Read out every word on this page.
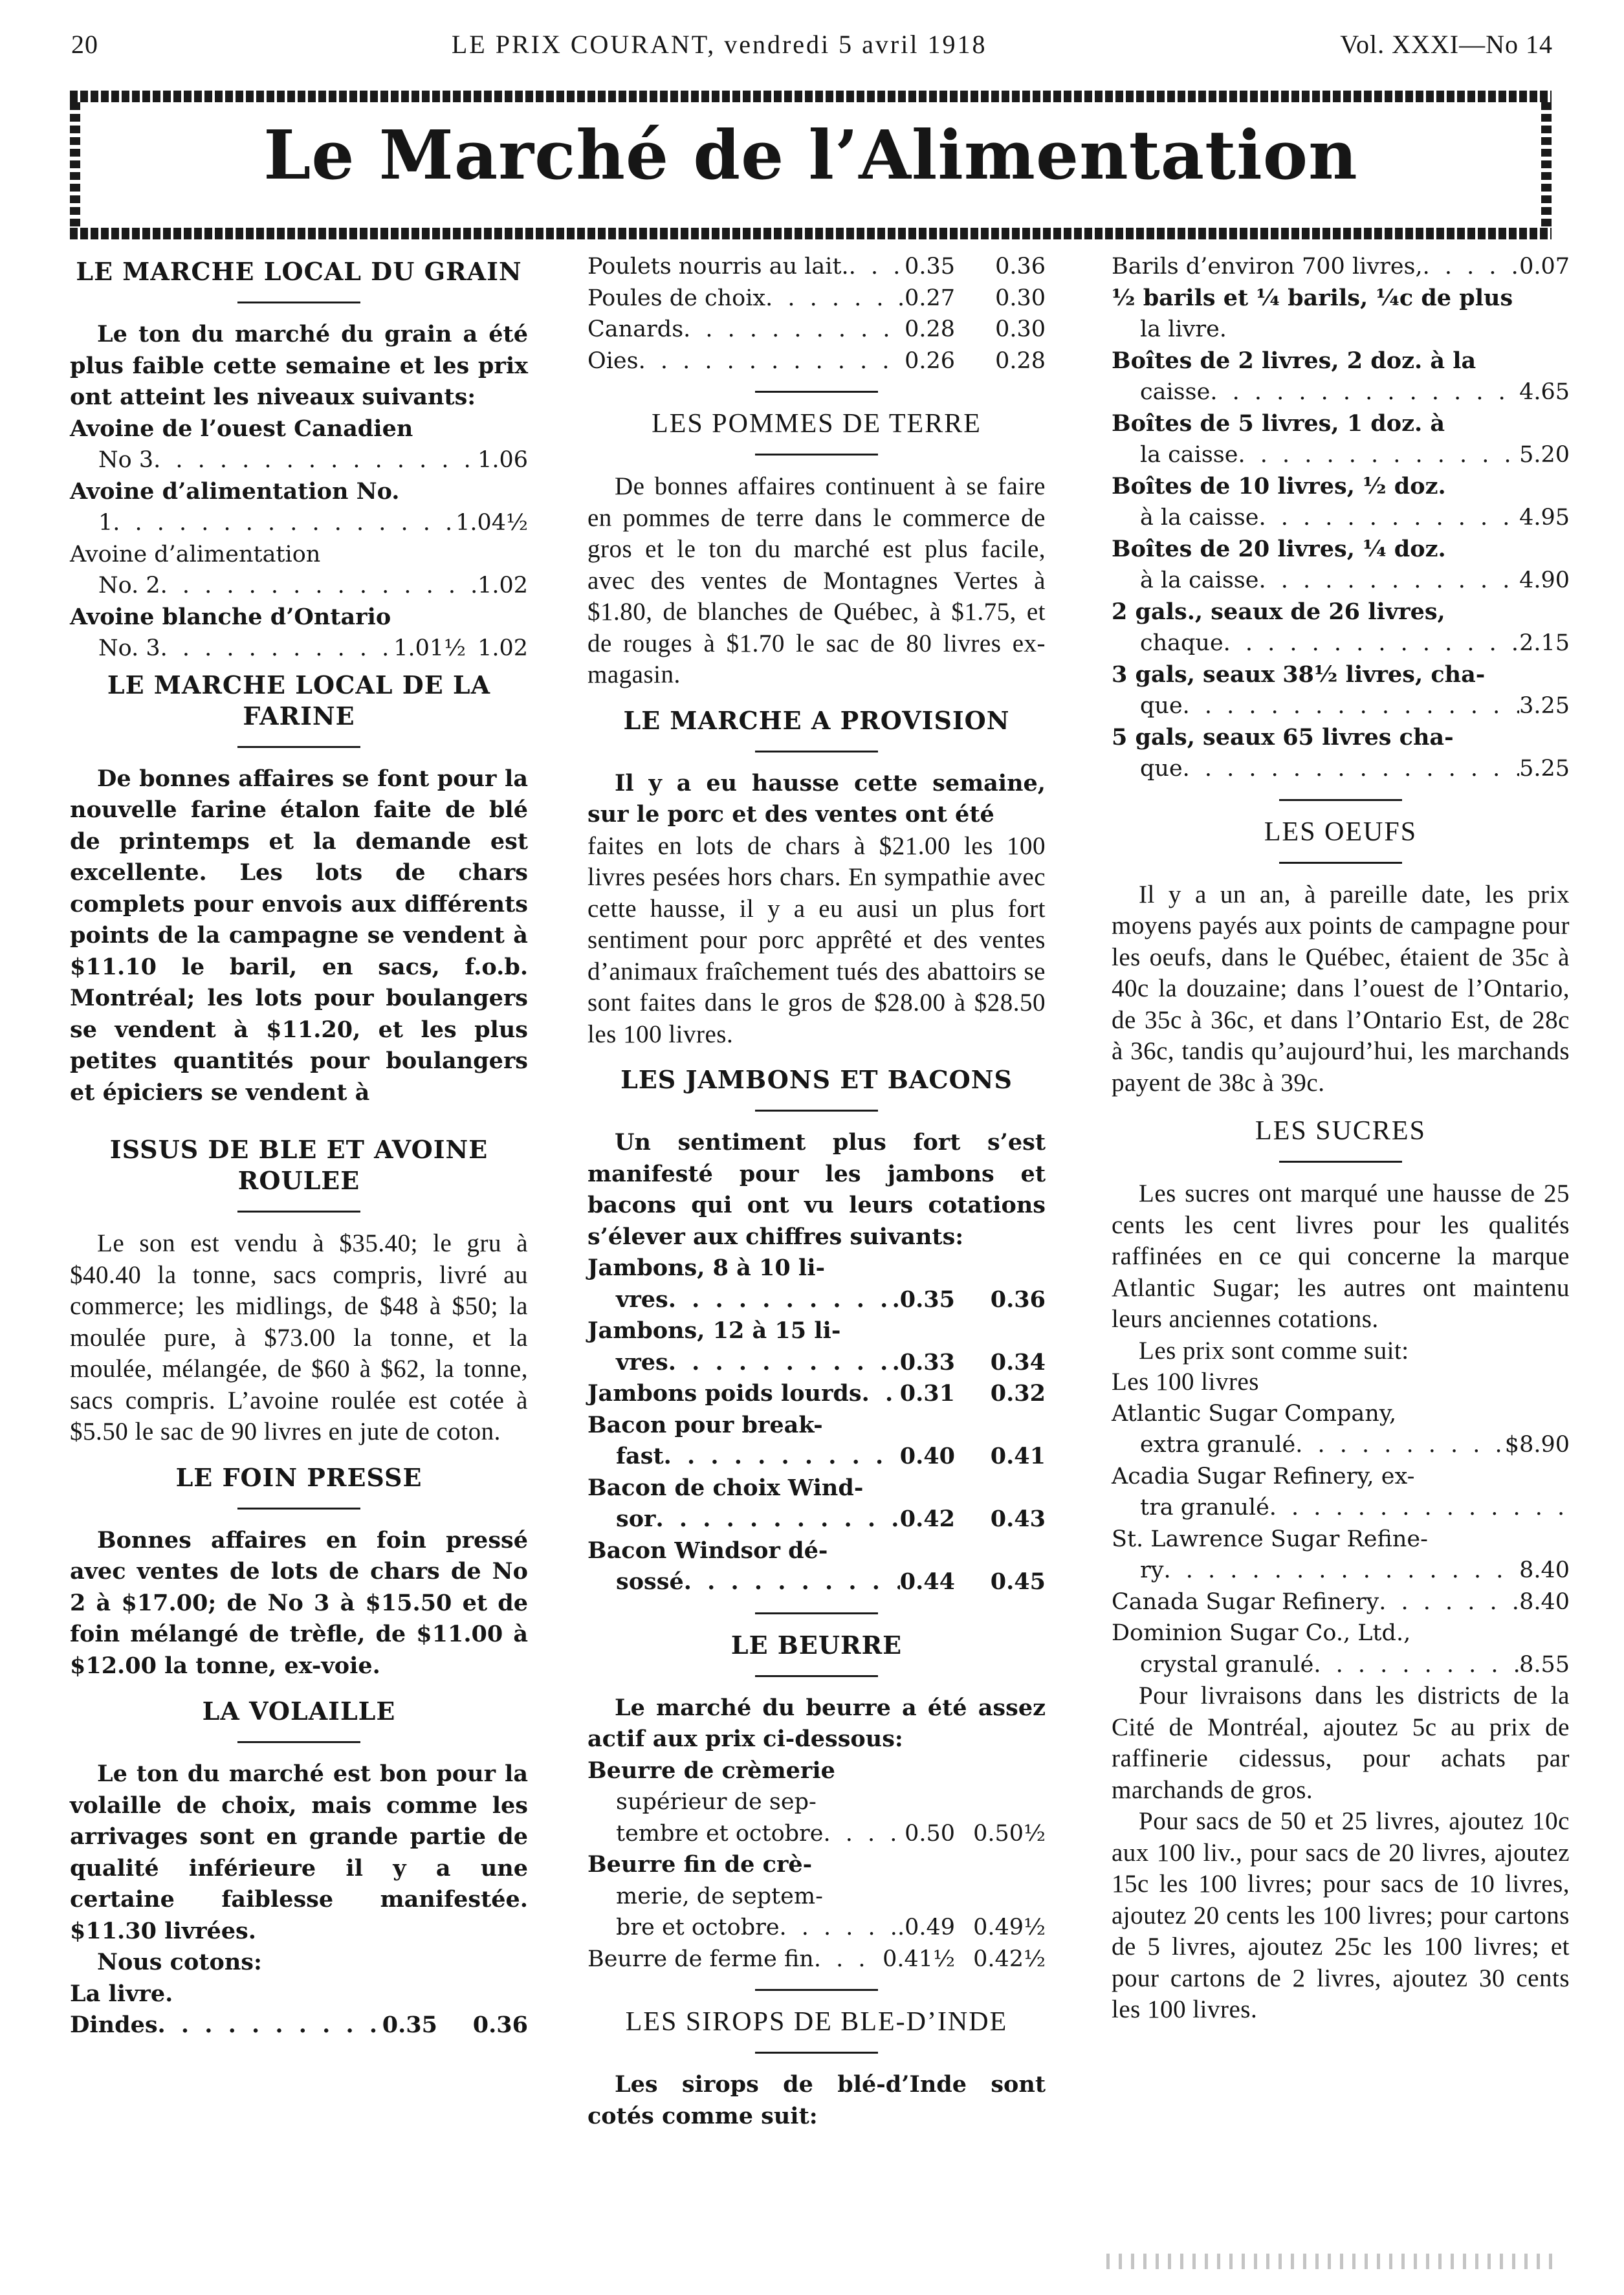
20	LE PRIX COURANT, vendredi 5 avril 1918	Vol. XXXI—No 14
Le Marché de l’Alimentation
LE MARCHE LOCAL DU GRAIN

Le ton du marché du grain a été plus faible cette semaine et les prix ont atteint les niveaux suivants:

Avoine de l’ouest Canadien
No 3 . . .	1.06
Avoine d’alimentation No.
1 . . .	1.04½
Avoine d’alimentation
No. 2 . . .	1.02
Avoine blanche d’Ontario
No. 3 . . .	1.01½ 1.02
LE MARCHE LOCAL DE LA FARINE

De bonnes affaires se font pour la nouvelle farine étalon faite de blé de printemps et la demande est excellente. Les lots de chars complets pour envois aux différents points de la campagne se vendent à $11.10 le baril, en sacs, f.o.b. Montréal; les lots pour boulangers se vendent à $11.20, et les plus petites quantités pour boulangers et épiciers se vendent à

ISSUS DE BLE ET AVOINE ROULEE

Le son est vendu à $35.40; le gru à $40.40 la tonne, sacs compris, livré au commerce; les midlings, de $48 à $50; la moulée pure, à $73.00 la tonne, et la moulée, mélangée, de $60 à $62, la tonne, sacs compris. L’avoine roulée est cotée à $5.50 le sac de 90 livres en jute de coton.

LE FOIN PRESSE

Bonnes affaires en foin pressé avec ventes de lots de chars de No 2 à $17.00; de No 3 à $15.50 et de foin mélangé de trèfle, de $11.00 à $12.00 la tonne, ex-voie.

LA VOLAILLE

Le ton du marché est bon pour la volaille de choix, mais comme les arrivages sont en grande partie de qualité inférieure il y a une certaine faiblesse manifestée. $11.30 livrées.

Nous cotons:

La livre.

Dindes . . .	0.35	0.36
Poulets nourris au lait. . . . 0.35	0.36
Poules de choix . . .	.0.27	0.30
Canards . . .	0.28	0.30
Oies . . .	0.26	0.28
LES POMMES DE TERRE

De bonnes affaires continuent à se faire en pommes de terre dans le commerce de gros et le ton du marché est plus facile, avec des ventes de Montagnes Vertes à $1.80, de blanches de Québec, à $1.75, et de rouges à $1.70 le sac de 80 livres ex-magasin.

LE MARCHE A PROVISION

Il y a eu hausse cette semaine, sur le porc et des ventes ont été

faites en lots de chars à $21.00 les 100 livres pesées hors chars. En sympathie avec cette hausse, il y a eu ausi un plus fort sentiment pour porc apprêté et des ventes d’animaux fraîchement tués des abattoirs se sont faites dans le gros de $28.00 à $28.50 les 100 livres.

LES JAMBONS ET BACONS

Un sentiment plus fort s’est manifesté pour les jambons et bacons qui ont vu leurs cotations s’élever aux chiffres suivants:

Jambons, 8 à 10 li-
vres . . .	.0.35	0.36
Jambons, 12 à 15 li-
vres . . .	.0.33	0.34
Jambons poids lourds . . . 0.31	0.32
Bacon pour break-
fast . . .	0.40	0.41
Bacon de choix Wind-
sor . . .	0.42	0.43
Bacon Windsor dé-
sossé . . .	0.44	0.45
LE BEURRE

Le marché du beurre a été assez actif aux prix ci-dessous:

Beurre de crèmerie
supérieur de sep-
tembre et octobre . . .	0.50 0.50½
Beurre fin de crè-
merie, de septem-
bre et octobre . . .	.0.49 0.49½
Beurre de ferme fin . . .	0.41½ 0.42½
LES SIROPS DE BLE-D’INDE

Les sirops de blé-d’Inde sont cotés comme suit:

Barils d’environ 700 livres, . . .	0.07
½ barils et ¼ barils, ¼c de plus
la livre.
Boîtes de 2 livres, 2 doz. à la
caisse . . .	4.65
Boîtes de 5 livres, 1 doz. à
la caisse . . .	5.20
Boîtes de 10 livres, ½ doz.
à la caisse . . .	4.95
Boîtes de 20 livres, ¼ doz.
à la caisse . . .	4.90
2 gals., seaux de 26 livres,
chaque . . .	2.15
3 gals, seaux 38½ livres, cha-
que . . .	3.25
5 gals, seaux 65 livres cha-
que . . .	5.25
LES OEUFS

Il y a un an, à pareille date, les prix moyens payés aux points de campagne pour les oeufs, dans le Québec, étaient de 35c à 40c la douzaine; dans l’ouest de l’Ontario, de 35c à 36c, et dans l’Ontario Est, de 28c à 36c, tandis qu’aujourd’hui, les marchands payent de 38c à 39c.

LES SUCRES

Les sucres ont marqué une hausse de 25 cents les cent livres pour les qualités raffinées en ce qui concerne la marque Atlantic Sugar; les autres ont maintenu leurs anciennes cotations.

Les prix sont comme suit:

Les 100 livres

Atlantic Sugar Company,
extra granulé . . .	$8.90
Acadia Sugar Refinery, ex-
tra granulé
. . .
St. Lawrence Sugar Refine-
ry . . .	8.40
Canada Sugar Refinery . . .	8.40
Dominion Sugar Co., Ltd.,
crystal granulé . . .	8.55

Pour livraisons dans les districts de la Cité de Montréal, ajoutez 5c au prix de raffinerie cidessus, pour achats par marchands de gros.

Pour sacs de 50 et 25 livres, ajoutez 10c aux 100 liv., pour sacs de 20 livres, ajoutez 15c les 100 livres; pour sacs de 10 livres, ajoutez 20 cents les 100 livres; pour cartons de 5 livres, ajoutez 25c les 100 livres; et pour cartons de 2 livres, ajoutez 30 cents les 100 livres.
